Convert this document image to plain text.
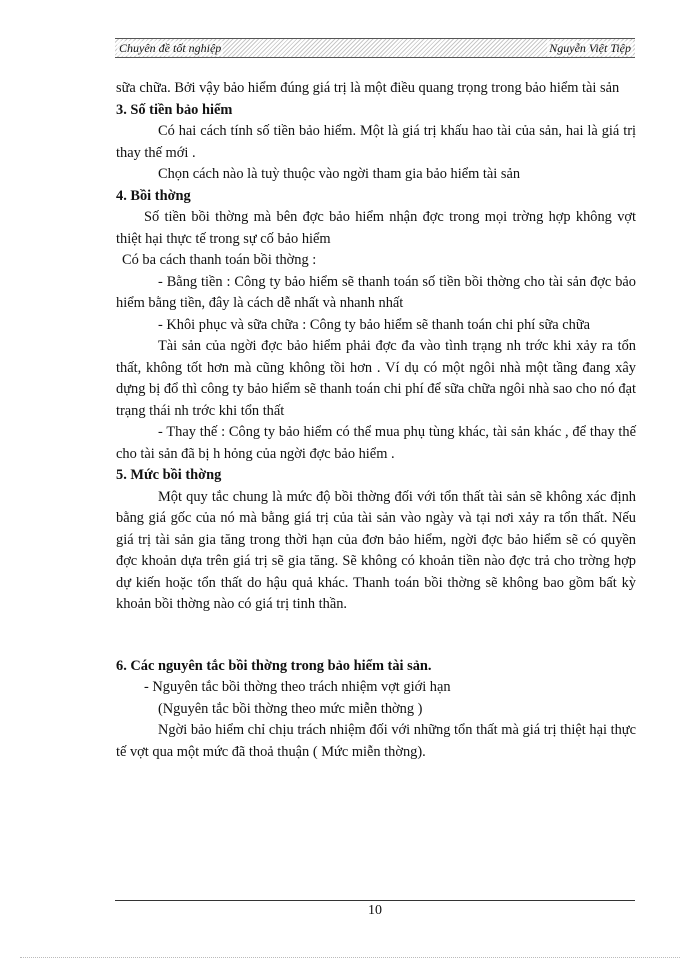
Chuyên đề tốt nghiệp	Nguyễn Việt Tiệp

sữa chữa. Bởi vậy bảo hiểm đúng giá trị là một điều quang trọng trong bảo hiểm tài sản

3. Số tiền bảo hiểm

Có hai cách tính số tiền bảo hiểm. Một là giá trị khấu hao tài của sản, hai là giá trị thay thế mới .

Chọn cách nào là tuỳ thuộc vào ngời tham gia bảo hiểm tài sản

4. Bồi thờng

Số tiền bồi thờng mà bên đợc bảo hiểm nhận đợc trong mọi trờng hợp không vợt thiệt hại thực tế trong sự cố bảo hiểm

Có ba cách thanh toán bồi thờng :

- Bằng tiền : Công ty bảo hiểm sẽ thanh toán số tiền bồi thờng cho tài sản đợc bảo hiểm bằng tiền, đây là cách dễ nhất và nhanh nhất

- Khôi phục và sữa chữa : Công ty bảo hiểm sẽ thanh toán chi phí sữa chữa

Tài sản của ngời đợc bảo hiểm phải đợc đa vào tình trạng nh trớc khi xảy ra tổn thất, không tốt hơn mà cũng không tồi hơn . Ví dụ có một ngôi nhà một tầng đang xây dựng bị đổ thì công ty bảo hiểm sẽ thanh toán chi phí để sữa chữa ngôi nhà sao cho nó đạt trạng thái nh trớc khi tổn thất

- Thay thế : Công ty bảo hiểm có thể mua phụ tùng khác, tài sản khác , để thay thế cho tài sản đã bị h hỏng của ngời đợc bảo hiểm .

5. Mức bồi thờng

Một quy tắc chung là mức độ bồi thờng đối với tổn thất tài sản sẽ không xác định bằng giá gốc của nó mà bằng giá trị của tài sản vào ngày và tại nơi xảy ra tổn thất. Nếu giá trị tài sản gia tăng trong thời hạn của đơn bảo hiểm, ngời đợc bảo hiểm sẽ có quyền đợc khoản dựa trên giá trị sẽ gia tăng. Sẽ không có khoản tiền nào đợc trả cho trờng hợp dự kiến hoặc tổn thất do hậu quả khác. Thanh toán bồi thờng sẽ không bao gồm bất kỳ khoản bồi thờng nào có giá trị tinh thần.

6. Các nguyên tắc bồi thờng trong bảo hiểm tài sản.

- Nguyên tắc bồi thờng theo trách nhiệm vợt giới hạn

(Nguyên tắc bồi thờng theo mức miễn thờng )

Ngời bảo hiểm chỉ chịu trách nhiệm đối với những tổn thất mà giá trị thiệt hại thực tế vợt qua một mức đã thoả thuận ( Mức miễn thờng).

10
